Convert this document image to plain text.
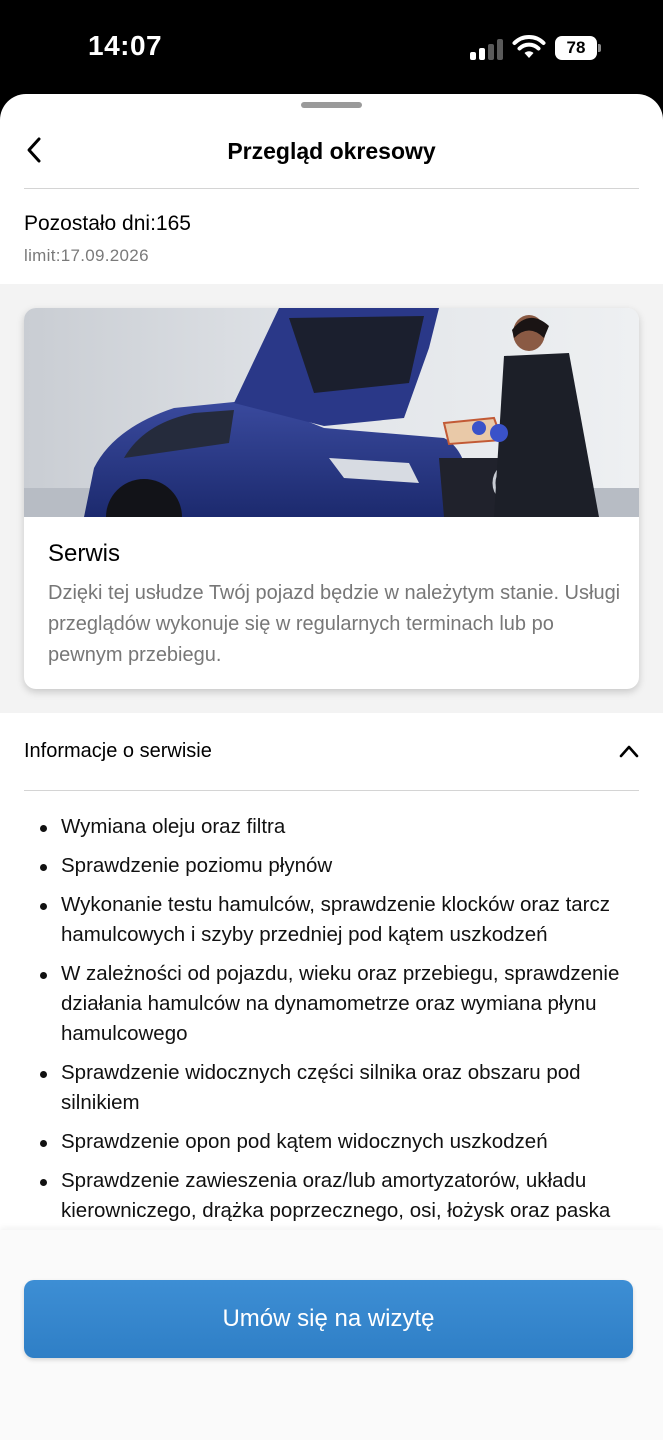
14:07	78
Przegląd okresowy
Pozostało dni:165
limit:17.09.2026
Serwis
Dzięki tej usłudze Twój pojazd będzie w należytym stanie. Usługi przeglądów wykonuje się w regularnych terminach lub po pewnym przebiegu.
Informacje o serwisie
Wymiana oleju oraz filtra
Sprawdzenie poziomu płynów
Wykonanie testu hamulców, sprawdzenie klocków oraz tarcz hamulcowych i szyby przedniej pod kątem uszkodzeń
W zależności od pojazdu, wieku oraz przebiegu, sprawdzenie działania hamulców na dynamometrze oraz wymiana płynu hamulcowego
Sprawdzenie widocznych części silnika oraz obszaru pod silnikiem
Sprawdzenie opon pod kątem widocznych uszkodzeń
Sprawdzenie zawieszenia oraz/lub amortyzatorów, układu kierowniczego, drążka poprzecznego, osi, łożysk oraz paska
Umów się na wizytę
